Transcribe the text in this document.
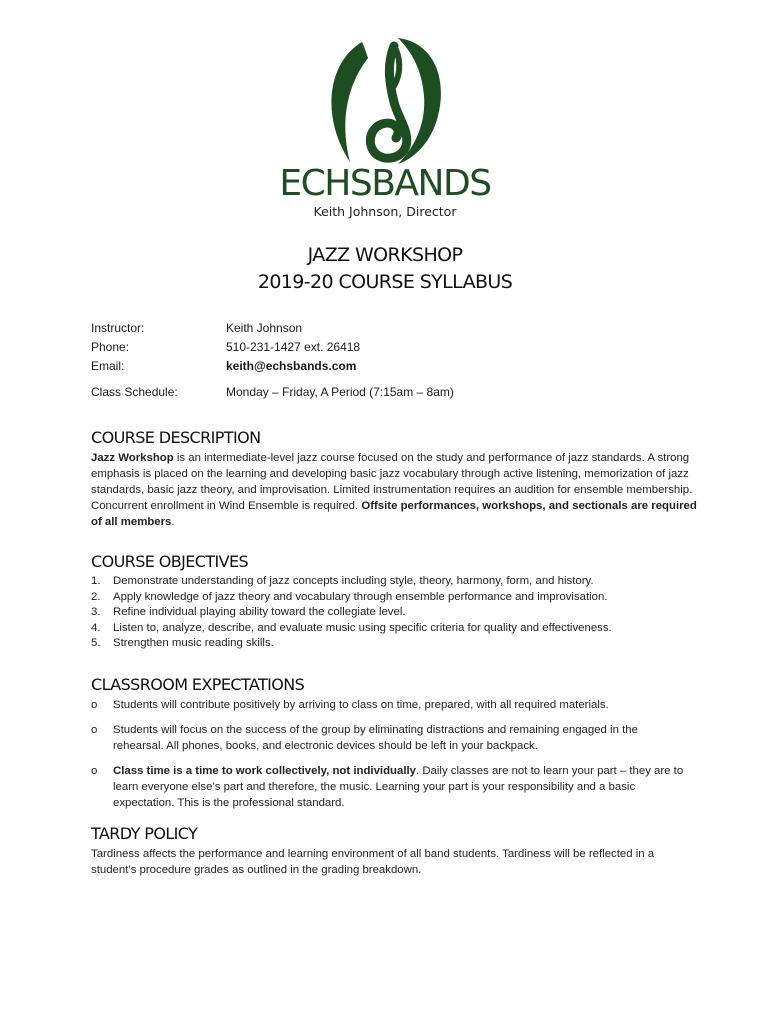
ECHSBANDS
Keith Johnson, Director
JAZZ WORKSHOP
2019-20 COURSE SYLLABUS
Instructor:	Keith Johnson
Phone:	510-231-1427 ext. 26418
Email:	keith@echsbands.com
Class Schedule:	Monday – Friday, A Period (7:15am – 8am)
COURSE DESCRIPTION
Jazz Workshop is an intermediate-level jazz course focused on the study and performance of jazz standards. A strong emphasis is placed on the learning and developing basic jazz vocabulary through active listening, memorization of jazz standards, basic jazz theory, and improvisation. Limited instrumentation requires an audition for ensemble membership. Concurrent enrollment in Wind Ensemble is required. Offsite performances, workshops, and sectionals are required of all members.
COURSE OBJECTIVES
1.	Demonstrate understanding of jazz concepts including style, theory, harmony, form, and history.
2.	Apply knowledge of jazz theory and vocabulary through ensemble performance and improvisation.
3.	Refine individual playing ability toward the collegiate level.
4.	Listen to, analyze, describe, and evaluate music using specific criteria for quality and effectiveness.
5.	Strengthen music reading skills.
CLASSROOM EXPECTATIONS
o	Students will contribute positively by arriving to class on time, prepared, with all required materials.
o	Students will focus on the success of the group by eliminating distractions and remaining engaged in the rehearsal. All phones, books, and electronic devices should be left in your backpack.
o	Class time is a time to work collectively, not individually. Daily classes are not to learn your part – they are to learn everyone else’s part and therefore, the music. Learning your part is your responsibility and a basic expectation. This is the professional standard.
TARDY POLICY
Tardiness affects the performance and learning environment of all band students. Tardiness will be reflected in a student’s procedure grades as outlined in the grading breakdown.
